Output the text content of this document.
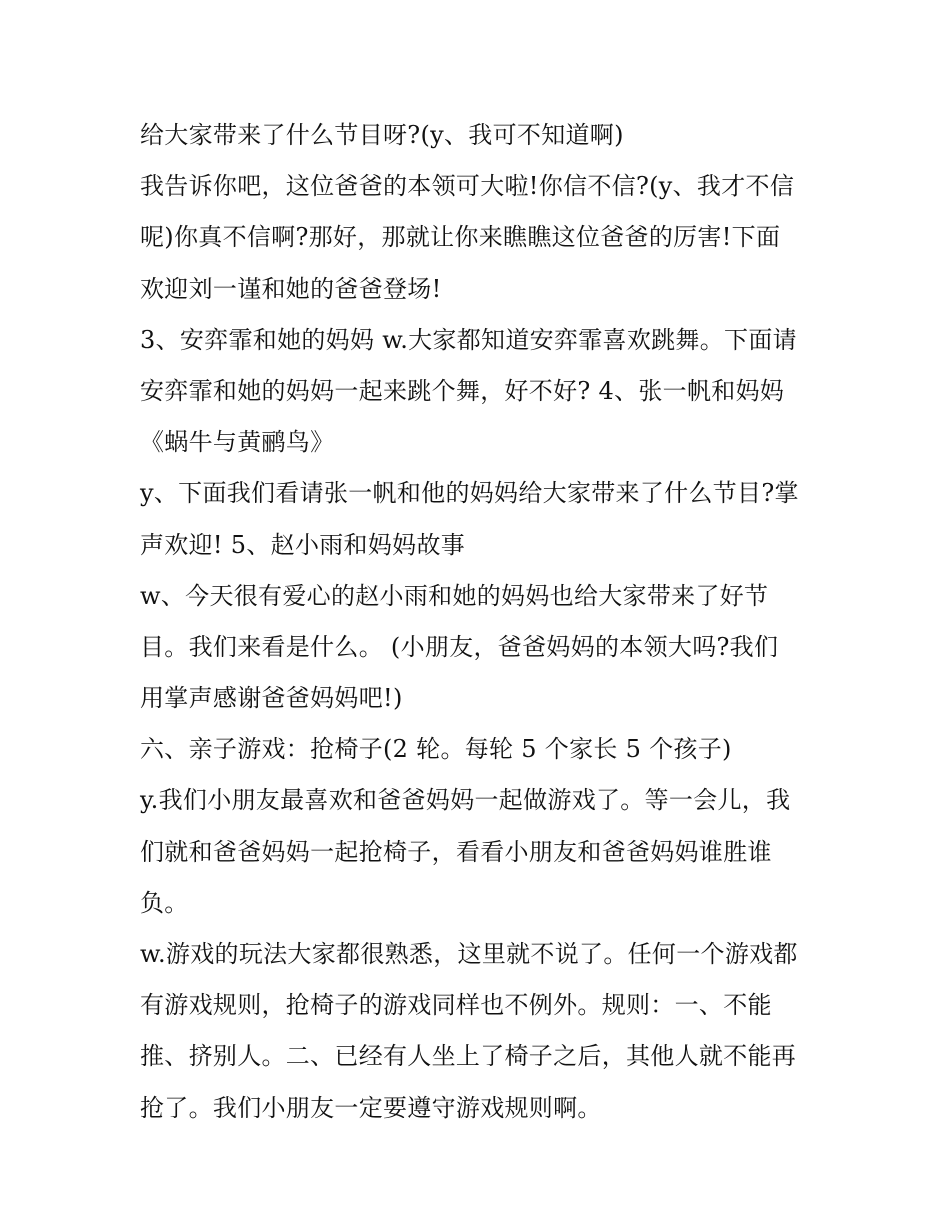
给大家带来了什么节目呀?(y、我可不知道啊)
我告诉你吧，这位爸爸的本领可大啦!你信不信?(y、我才不信
呢)你真不信啊?那好，那就让你来瞧瞧这位爸爸的厉害!下面
欢迎刘一谨和她的爸爸登场!
3、安弈霏和她的妈妈 w.大家都知道安弈霏喜欢跳舞。下面请
安弈霏和她的妈妈一起来跳个舞，好不好? 4、张一帆和妈妈
《蜗牛与黄鹂鸟》
y、下面我们看请张一帆和他的妈妈给大家带来了什么节目?掌
声欢迎! 5、赵小雨和妈妈故事
w、今天很有爱心的赵小雨和她的妈妈也给大家带来了好节
目。我们来看是什么。 (小朋友，爸爸妈妈的本领大吗?我们
用掌声感谢爸爸妈妈吧!)
六、亲子游戏：抢椅子(2 轮。每轮 5 个家长 5 个孩子)
y.我们小朋友最喜欢和爸爸妈妈一起做游戏了。等一会儿，我
们就和爸爸妈妈一起抢椅子，看看小朋友和爸爸妈妈谁胜谁
负。
w.游戏的玩法大家都很熟悉，这里就不说了。任何一个游戏都
有游戏规则，抢椅子的游戏同样也不例外。规则：一、不能
推、挤别人。二、已经有人坐上了椅子之后，其他人就不能再
抢了。我们小朋友一定要遵守游戏规则啊。
